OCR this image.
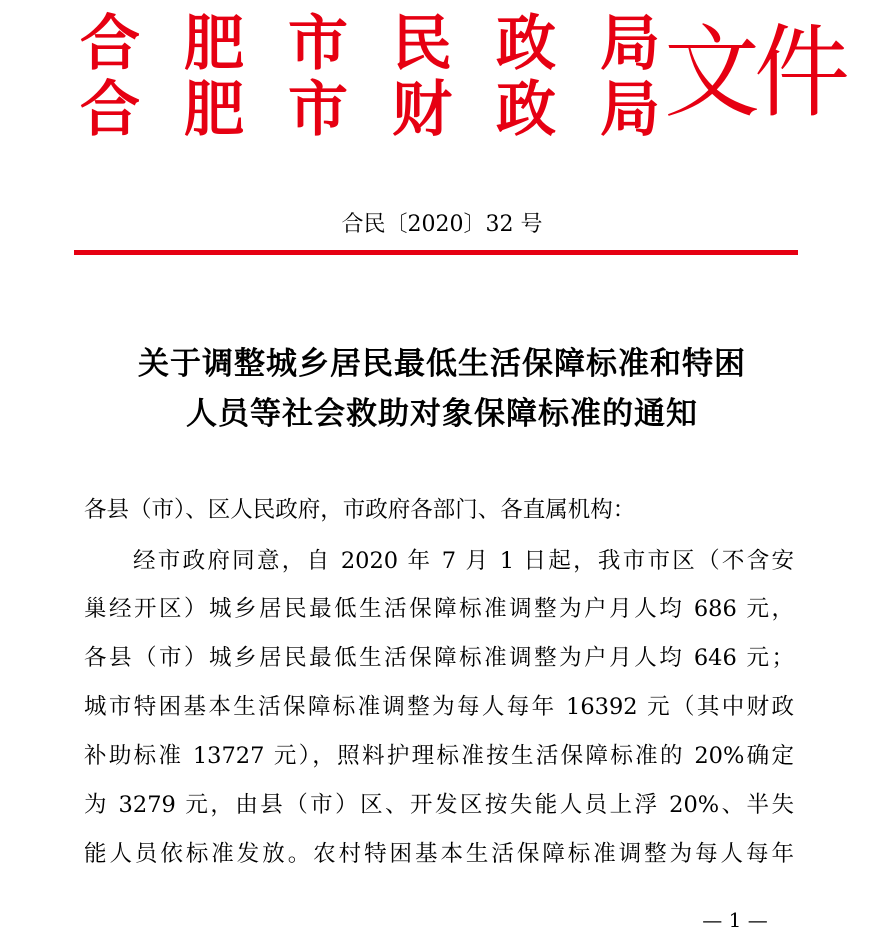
合 肥 市 民 政 局
合 肥 市 财 政 局 文件
合民〔2020〕32 号
关于调整城乡居民最低生活保障标准和特困
人员等社会救助对象保障标准的通知
各县（市）、区人民政府，市政府各部门、各直属机构：
经市政府同意，自 2020 年 7 月 1 日起，我市市区（不含安
巢经开区）城乡居民最低生活保障标准调整为户月人均 686 元，
各县（市）城乡居民最低生活保障标准调整为户月人均 646 元；
城市特困基本生活保障标准调整为每人每年 16392 元（其中财政
补助标准 13727 元），照料护理标准按生活保障标准的 20%确定
为 3279 元，由县（市）区、开发区按失能人员上浮 20%、半失
能人员依标准发放。农村特困基本生活保障标准调整为每人每年
— 1 —
